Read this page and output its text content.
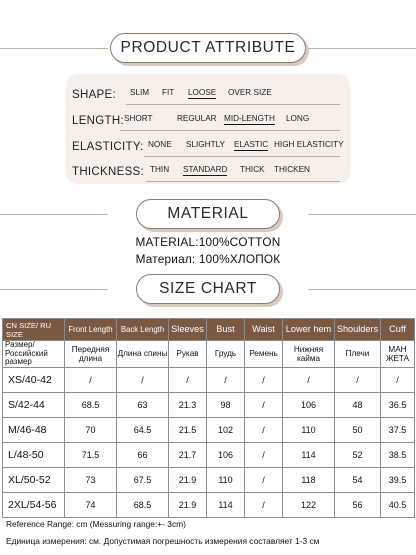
PRODUCT ATTRIBUTE
SHAPE: SLIM FIT LOOSE OVER SIZE
LENGTH: SHORT	REGULAR MID-LENGTH LONG
ELASTICITY: NONE SLIGHTLY ELASTIC HIGH ELASTICITY
THICKNESS: THIN STANDARD THICK THICKEN
MATERIAL
MATERIAL:100%COTTON
Материал: 100%ХЛОПОК
SIZE CHART
CN SIZE/ RU SIZE	Front Length	Back Length	Sleeves	Bust	Waist	Lower hem	Shoulders	Cuff
Размер/ Российский размер	Передняя длина	Длина спины	Рукав	Грудь	Ремень	Нижняя кайма	Плечи	МАН ЖЕТА
XS/40-42	/	/	/	/	/	/	/	/
S/42-44	68.5	63	21.3	98	/	106	48	36.5
M/46-48	70	64.5	21.5	102	/	110	50	37.5
L/48-50	71.5	66	21.7	106	/	114	52	38.5
XL/50-52	73	67.5	21.9	110	/	118	54	39.5
2XL/54-56	74	68.5	21.9	114	/	122	56	40.5
Reference Range: cm (Messuring range:+- 3cm)
Единица измерения: см. Допустимая погрешность измерения составляет 1-3 см
